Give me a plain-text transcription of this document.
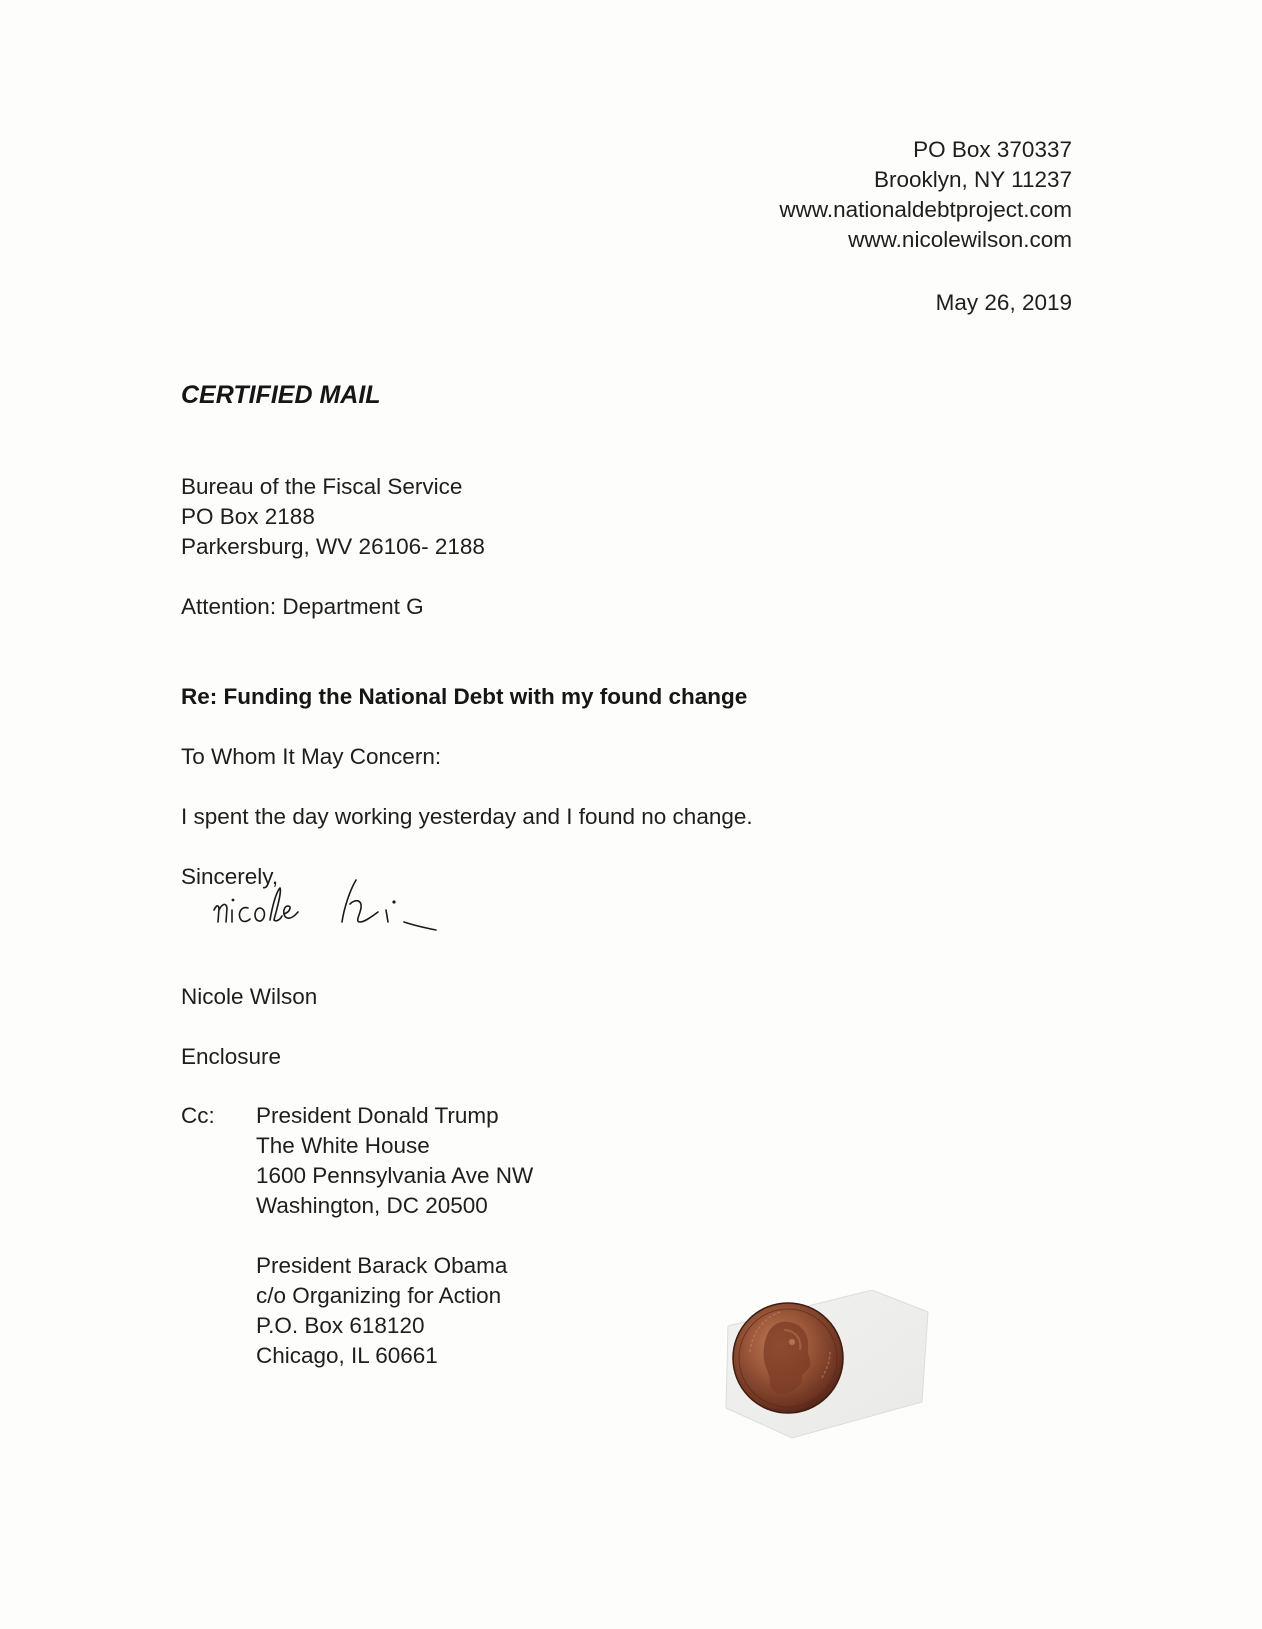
PO Box 370337
Brooklyn, NY 11237
www.nationaldebtproject.com
www.nicolewilson.com
May 26, 2019
CERTIFIED MAIL
Bureau of the Fiscal Service
PO Box 2188
Parkersburg, WV 26106- 2188
Attention: Department G
Re: Funding the National Debt with my found change
To Whom It May Concern:
I spent the day working yesterday and I found no change.
Sincerely,
Nicole Wilson
Enclosure
Cc: President Donald Trump
The White House
1600 Pennsylvania Ave NW
Washington, DC 20500
President Barack Obama
c/o Organizing for Action
P.O. Box 618120
Chicago, IL 60661
